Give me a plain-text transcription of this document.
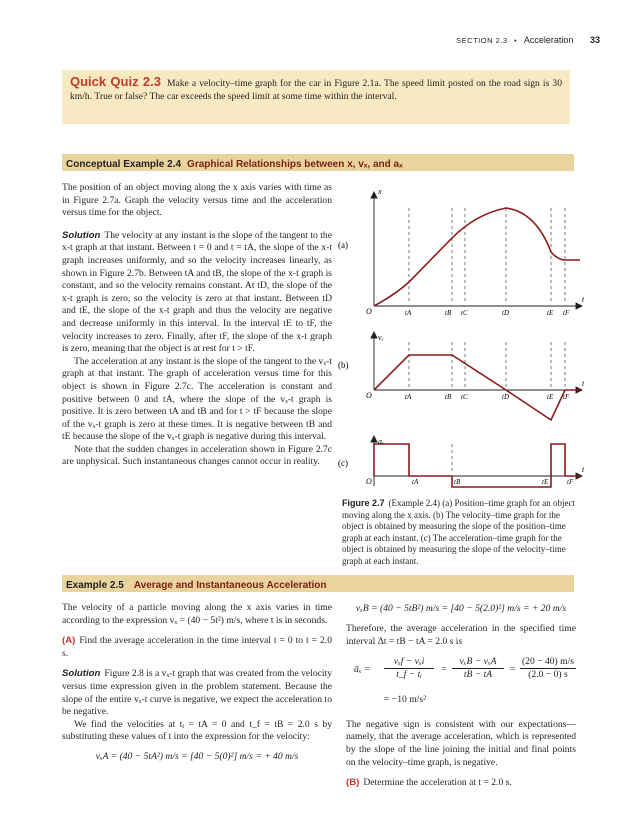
SECTION 2.3 • Acceleration 33
Quick Quiz 2.3 Make a velocity–time graph for the car in Figure 2.1a. The speed limit posted on the road sign is 30 km/h. True or false? The car exceeds the speed limit at some time within the interval.
Conceptual Example 2.4 Graphical Relationships between x, vₓ, and aₓ

The position of an object moving along the x axis varies with time as in Figure 2.7a. Graph the velocity versus time and the acceleration versus time for the object.

Solution The velocity at any instant is the slope of the tangent to the x-t graph at that instant. Between t = 0 and t = tA, the slope of the x-t graph increases uniformly, and so the velocity increases linearly, as shown in Figure 2.7b. Between tA and tB, the slope of the x-t graph is constant, and so the velocity remains constant. At tD, the slope of the x-t graph is zero, so the velocity is zero at that instant. Between tD and tE, the slope of the x-t graph and thus the velocity are negative and decrease uniformly in this interval. In the interval tE to tF, the velocity increases to zero. Finally, after tF, the slope of the x-t graph is zero, meaning that the object is at rest for t > tF.

The acceleration at any instant is the slope of the tangent to the vₓ-t graph at that instant. The graph of acceleration versus time for this object is shown in Figure 2.7c. The acceleration is constant and positive between 0 and tA, where the slope of the vₓ-t graph is positive. It is zero between tA and tB and for t > tF because the slope of the vₓ-t graph is zero at these times. It is negative between tB and tE because the slope of the vₓ-t graph is negative during this interval.

Note that the sudden changes in acceleration shown in Figure 2.7c are unphysical. Such instantaneous changes cannot occur in reality.

(a)
(b)
(c)
x
vₓ
aₓ
t
t
t
O
O
O
tA	tB tC	tD	tE tF
tA	tB tC	tD	tE tF
tA	tB	tE	tF
Figure 2.7 (Example 2.4) (a) Position–time graph for an object moving along the x axis. (b) The velocity–time graph for the object is obtained by measuring the slope of the position–time graph at each instant. (c) The acceleration–time graph for the object is obtained by measuring the slope of the velocity–time graph at each instant.
Example 2.5 Average and Instantaneous Acceleration

The velocity of a particle moving along the x axis varies in time according to the expression vₓ = (40 − 5t²) m/s, where t is in seconds.

(A) Find the average acceleration in the time interval t = 0 to t = 2.0 s.

Solution Figure 2.8 is a vₓ-t graph that was created from the velocity versus time expression given in the problem statement. Because the slope of the entire vₓ-t curve is negative, we expect the acceleration to be negative.

We find the velocities at tᵢ = tA = 0 and t_f = tB = 2.0 s by substituting these values of t into the expression for the velocity:

vₓA = (40 − 5tA²) m/s = [40 − 5(0)²] m/s = + 40 m/s

vₓB = (40 − 5tB²) m/s = [40 − 5(2.0)²] m/s = + 20 m/s

Therefore, the average acceleration in the specified time interval Δt = tB − tA = 2.0 s is

āₓ =
vₓf − vₓi
t_f − tᵢ	=
vₓB − vₓA
tB − tA	= $\frac{(20 - 40) m/s}{(2.0 - 0) s}$

= −10 m/s²

The negative sign is consistent with our expectations—namely, that the average acceleration, which is represented by the slope of the line joining the initial and final points on the velocity–time graph, is negative.

(B) Determine the acceleration at t = 2.0 s.
